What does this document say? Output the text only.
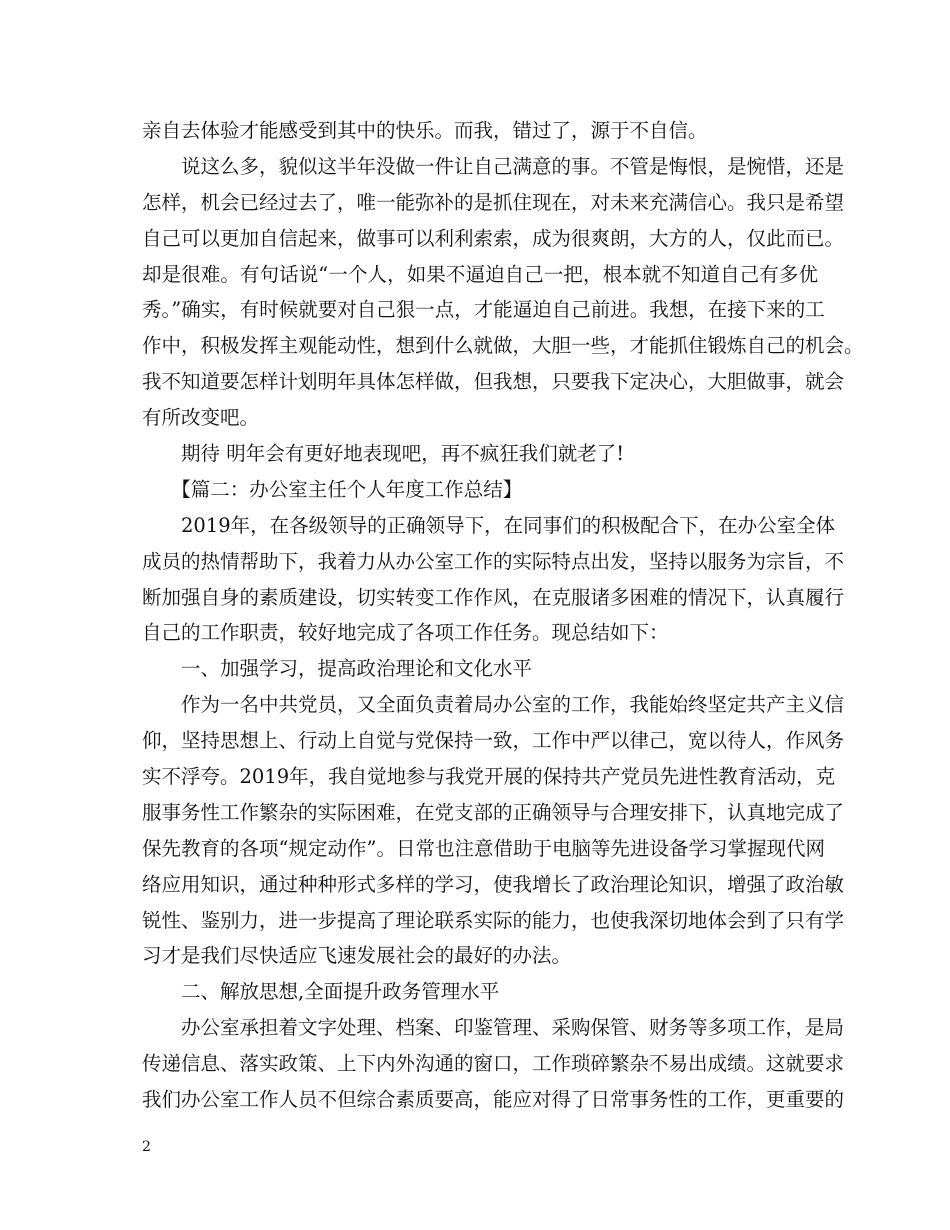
亲自去体验才能感受到其中的快乐。而我，错过了，源于不自信。
　　说这么多，貌似这半年没做一件让自己满意的事。不管是悔恨，是惋惜，还是
怎样，机会已经过去了，唯一能弥补的是抓住现在，对未来充满信心。我只是希望
自己可以更加自信起来，做事可以利利索索，成为很爽朗，大方的人，仅此而已。
却是很难。有句话说“一个人，如果不逼迫自己一把，根本就不知道自己有多优
秀。”确实，有时候就要对自己狠一点，才能逼迫自己前进。我想，在接下来的工
作中，积极发挥主观能动性，想到什么就做，大胆一些，才能抓住锻炼自己的机会。
我不知道要怎样计划明年具体怎样做，但我想，只要我下定决心，大胆做事，就会
有所改变吧。
　　期待 明年会有更好地表现吧，再不疯狂我们就老了!
　　【篇二：办公室主任个人年度工作总结】
　　2019年，在各级领导的正确领导下，在同事们的积极配合下，在办公室全体
成员的热情帮助下，我着力从办公室工作的实际特点出发，坚持以服务为宗旨，不
断加强自身的素质建设，切实转变工作作风，在克服诸多困难的情况下，认真履行
自己的工作职责，较好地完成了各项工作任务。现总结如下：
　　一、加强学习，提高政治理论和文化水平
　　作为一名中共党员，又全面负责着局办公室的工作，我能始终坚定共产主义信
仰，坚持思想上、行动上自觉与党保持一致，工作中严以律己，宽以待人，作风务
实不浮夸。2019年，我自觉地参与我党开展的保持共产党员先进性教育活动，克
服事务性工作繁杂的实际困难，在党支部的正确领导与合理安排下，认真地完成了
保先教育的各项“规定动作”。日常也注意借助于电脑等先进设备学习掌握现代网
络应用知识，通过种种形式多样的学习，使我增长了政治理论知识，增强了政治敏
锐性、鉴别力，进一步提高了理论联系实际的能力，也使我深切地体会到了只有学
习才是我们尽快适应飞速发展社会的最好的办法。
　　二、解放思想,全面提升政务管理水平
　　办公室承担着文字处理、档案、印鉴管理、采购保管、财务等多项工作，是局
传递信息、落实政策、上下内外沟通的窗口，工作琐碎繁杂不易出成绩。这就要求
我们办公室工作人员不但综合素质要高，能应对得了日常事务性的工作，更重要的
2
